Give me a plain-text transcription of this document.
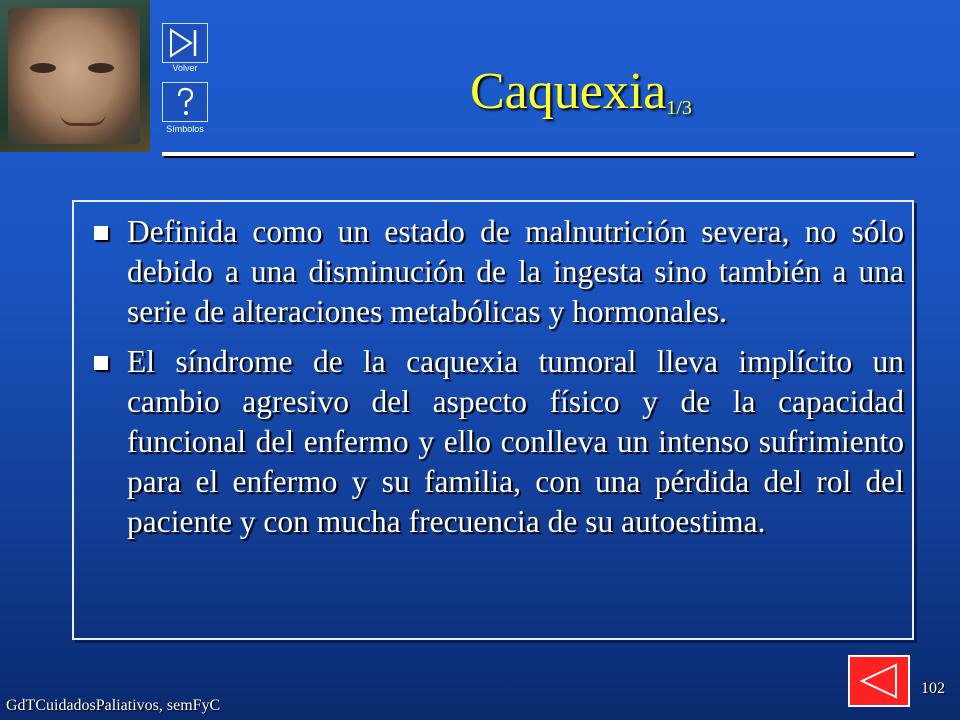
Volver
Símbolos
Caquexia$_{1/3}$
Definida como un estado de malnutrición severa, no sólo debido a una disminución de la ingesta sino también a una serie de alteraciones metabólicas y hormonales.
El síndrome de la caquexia tumoral lleva implícito un cambio agresivo del aspecto físico y de la capacidad funcional del enfermo y ello conlleva un intenso sufrimiento para el enfermo y su familia, con una pérdida del rol del paciente y con mucha frecuencia de su autoestima.
GdTCuidadosPaliativos, semFyC
102
